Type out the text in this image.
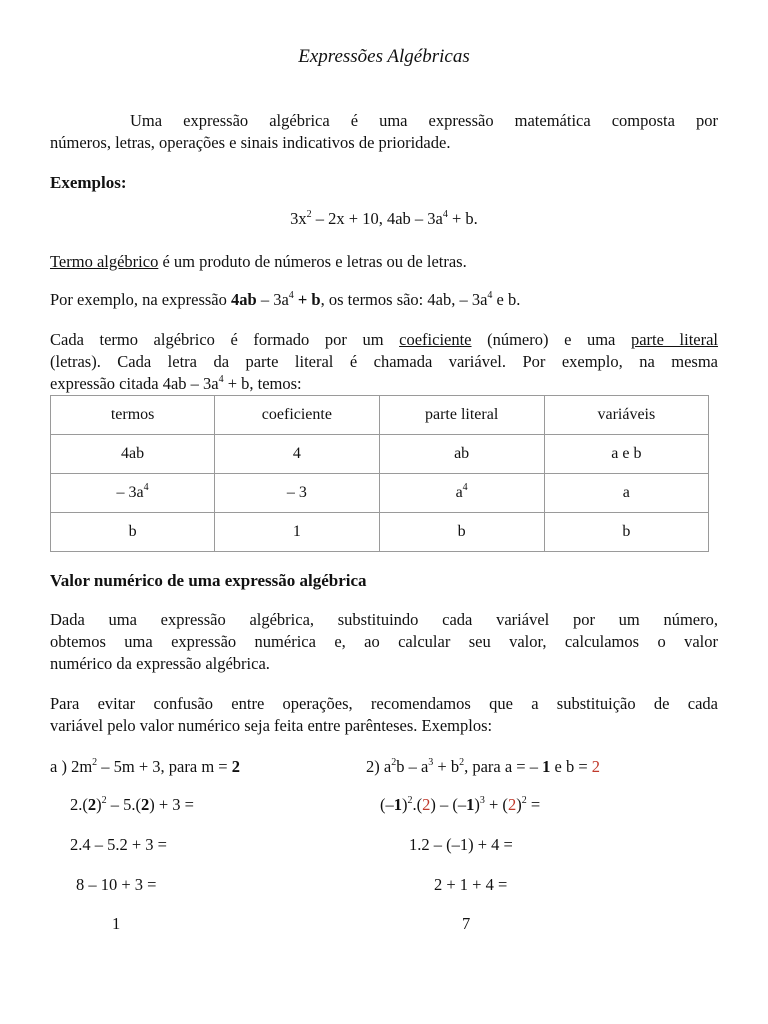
Expressões Algébricas
Uma expressão algébrica é uma expressão matemática composta por
números, letras, operações e sinais indicativos de prioridade.
Exemplos:
$3x^2 - 2x + 10$, $4ab - 3a^4 + b$.
Termo algébrico é um produto de números e letras ou de letras.
Por exemplo, na expressão $4ab - 3a^4 + b$, os termos são: 4ab, – $3a^4$ e b.
Cada termo algébrico é formado por um coeficiente (número) e uma parte literal
(letras). Cada letra da parte literal é chamada variável. Por exemplo, na mesma
expressão citada $4ab - 3a^4 + b$, temos:
termos	coeficiente	parte literal	variáveis
4ab	4	ab	a e b
– $3a^4$	– 3	$a^4$	a
b	1	b	b
Valor numérico de uma expressão algébrica
Dada uma expressão algébrica, substituindo cada variável por um número,
obtemos uma expressão numérica e, ao calcular seu valor, calculamos o valor
numérico da expressão algébrica.
Para evitar confusão entre operações, recomendamos que a substituição de cada
variável pelo valor numérico seja feita entre parênteses. Exemplos:
a ) $2m^2 - 5m + 3$, para m = 2
$2.(2)^2 - 5.(2) + 3$ =
2.4 – 5.2 + 3 =
8 – 10 + 3 =
1
2) $a^2b - a^3 + b^2$, para a = – 1 e b = 2
$(-1)^2.(2) - (-1)^3 + (2)^2$ =
1.2 – (–1) + 4 =
2 + 1 + 4 =
7
